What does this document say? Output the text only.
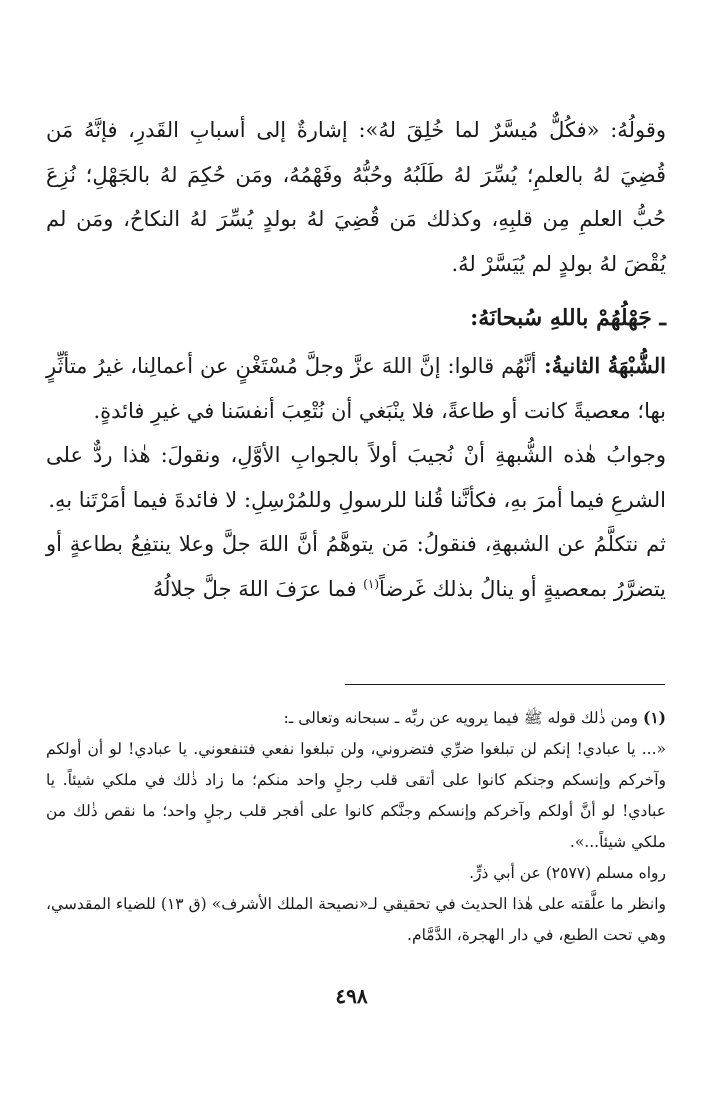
وقولُهُ: «فكُلٌّ مُيسَّرٌ لما خُلِقَ لهُ»: إشارةٌ إلى أسبابِ القَدرِ، فإنَّهُ مَن قُضِيَ لهُ بالعلمِ؛ يُسِّرَ لهُ طَلَبُهُ وحُبُّهُ وفَهْمُهُ، ومَن حُكِمَ لهُ بالجَهْلِ؛ نُزِعَ حُبُّ العلمِ مِن قلبِهِ، وكذلك مَن قُضِيَ لهُ بولدٍ يُسِّرَ لهُ النكاحُ، ومَن لم يُقْضَ لهُ بولدٍ لم يُيَسَّرْ لهُ.

ـ جَهْلُهُمْ باللهِ سُبحانَهُ:

الشُّبْهَةُ الثانيةُ: أنَّهُم قالوا: إنَّ اللهَ عزَّ وجلَّ مُسْتَغْنٍ عن أعمالِنا، غيرُ متأثِّرٍ بها؛ معصيةً كانت أو طاعةً، فلا ينْبَغي أن نُتْعِبَ أنفسَنا في غيرِ فائدةٍ.

وجوابُ هٰذه الشُّبهةِ أنْ نُجيبَ أولاً بالجوابِ الأوَّلِ، ونقولَ: هٰذا ردٌّ على الشرعِ فيما أمرَ بهِ، فكأنَّنا قُلنا للرسولِ وللمُرْسِلِ: لا فائدةَ فيما أمَرْتَنا بهِ.

ثم نتكلَّمُ عن الشبهةِ، فنقولُ: مَن يتوهَّمُ أنَّ اللهَ جلَّ وعلا ينتفِعُ بطاعةٍ أو يتضرَّرُ بمعصيةٍ أو ينالُ بذلك غَرضاً$^{(١)}$ فما عرَفَ اللهَ جلَّ جلالُهُ

(١) ومن ذٰلك قوله ﷺ فيما يرويه عن ربِّه ـ سبحانه وتعالى ـ:

«... يا عبادي! إنكم لن تبلغوا ضرِّي فتضروني، ولن تبلغوا نفعي فتنفعوني. يا عبادي! لو أن أولكم وآخركم وإنسكم وجنكم كانوا على أتقى قلب رجلٍ واحد منكم؛ ما زاد ذٰلك في ملكي شيئاً. يا عبادي! لو أنَّ أولكم وآخركم وإنسكم وجنَّكم كانوا على أفجر قلب رجلٍ واحد؛ ما نقص ذٰلك من ملكي شيئاً...».

رواه مسلم (٢٥٧٧) عن أبي ذرٍّ.

وانظر ما علَّقته على هٰذا الحديث في تحقيقي لـ«نصيحة الملك الأشرف» (ق ١٣) للضياء المقدسي، وهي تحت الطبع، في دار الهجرة، الدَّمَّام.

٤٩٨
